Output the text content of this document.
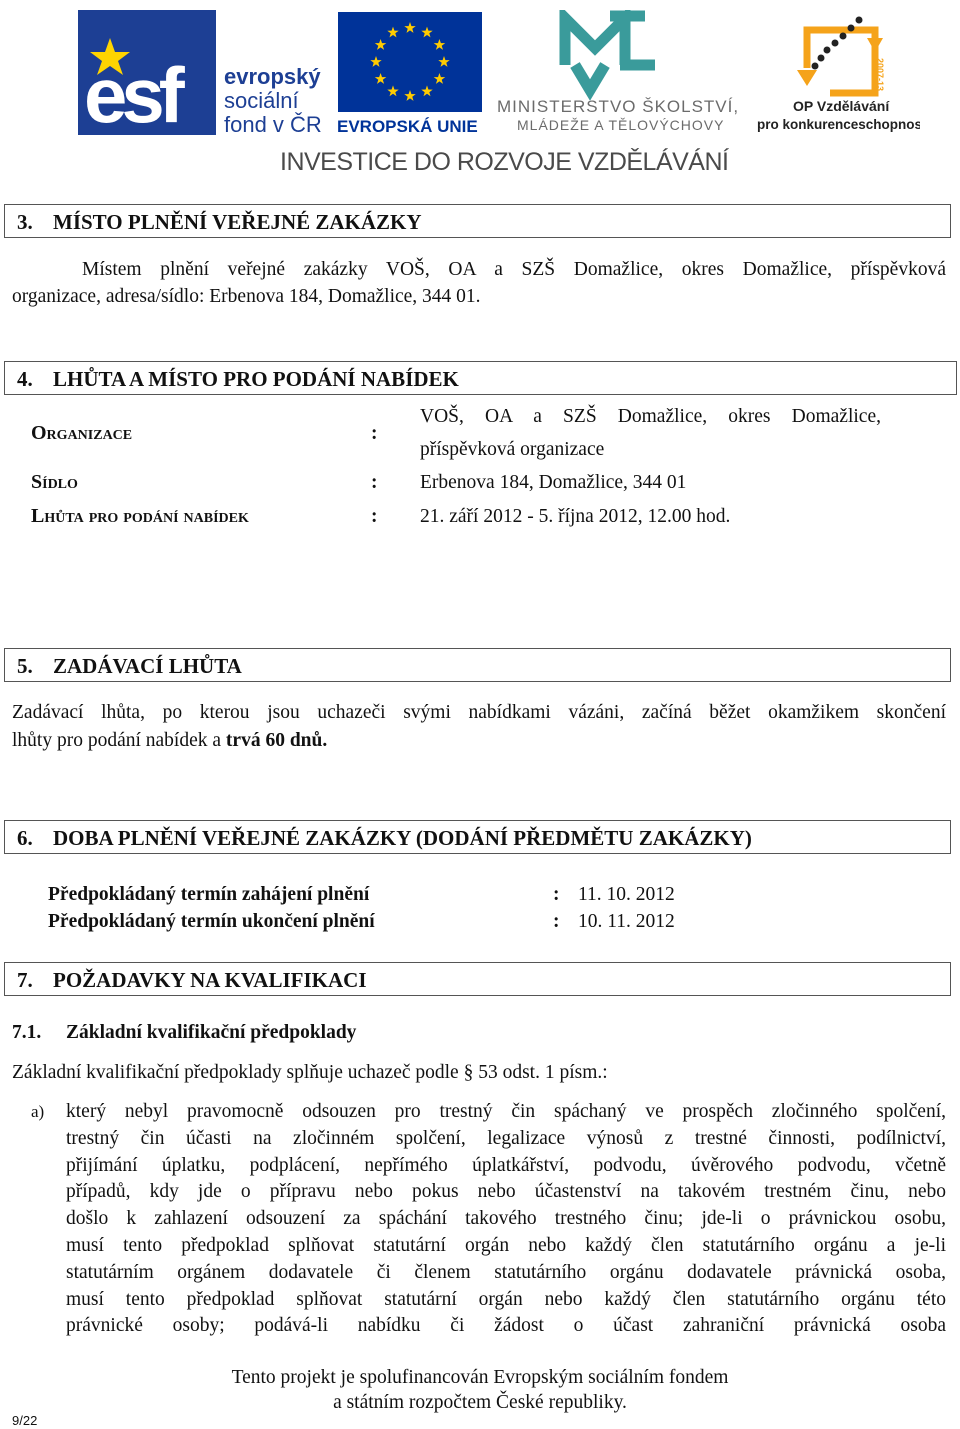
esf	evropský
sociální
fond v ČR EVROPSKÁ UNIE
MINISTERSTVO ŠKOLSTVÍ,
MLÁDEŽE A TĚLOVÝCHOVY
2007-13
OP Vzdělávání
pro konkurenceschopnost
INVESTICE DO ROZVOJE VZDĚLÁVÁNÍ
3. MÍSTO PLNĚNÍ VEŘEJNÉ ZAKÁZKY
Místem plnění veřejné zakázky VOŠ, OA a SZŠ Domažlice, okres Domažlice, příspěvková
organizace, adresa/sídlo: Erbenova 184, Domažlice, 344 01.
4. LHŮTA A MÍSTO PRO PODÁNÍ NABÍDEK
Organizace	:
VOŠ, OA a SZŠ Domažlice, okres Domažlice,
příspěvková organizace
Sídlo	: Erbenova 184, Domažlice, 344 01
Lhůta pro podání nabídek	: 21. září 2012 - 5. října 2012, 12.00 hod.
5. ZADÁVACÍ LHŮTA
Zadávací lhůta, po kterou jsou uchazeči svými nabídkami vázáni, začíná běžet okamžikem skončení
lhůty pro podání nabídek a trvá 60 dnů.
6. DOBA PLNĚNÍ VEŘEJNÉ ZAKÁZKY (DODÁNÍ PŘEDMĚTU ZAKÁZKY)
Předpokládaný termín zahájení plnění	: 11. 10. 2012
Předpokládaný termín ukončení plnění	: 10. 11. 2012
7. POŽADAVKY NA KVALIFIKACI
7.1. Základní kvalifikační předpoklady
Základní kvalifikační předpoklady splňuje uchazeč podle § 53 odst. 1 písm.:
a) který nebyl pravomocně odsouzen pro trestný čin spáchaný ve prospěch zločinného spolčení,
trestný čin účasti na zločinném spolčení, legalizace výnosů z trestné činnosti, podílnictví,
přijímání úplatku, podplácení, nepřímého úplatkářství, podvodu, úvěrového podvodu, včetně
případů, kdy jde o přípravu nebo pokus nebo účastenství na takovém trestném činu, nebo
došlo k zahlazení odsouzení za spáchání takového trestného činu; jde-li o právnickou osobu,
musí tento předpoklad splňovat statutární orgán nebo každý člen statutárního orgánu a je-li
statutárním orgánem dodavatele či členem statutárního orgánu dodavatele právnická osoba,
musí tento předpoklad splňovat statutární orgán nebo každý člen statutárního orgánu této
právnické osoby; podává-li nabídku či žádost o účast zahraniční právnická osoba
Tento projekt je spolufinancován Evropským sociálním fondem
a státním rozpočtem České republiky.
9/22
